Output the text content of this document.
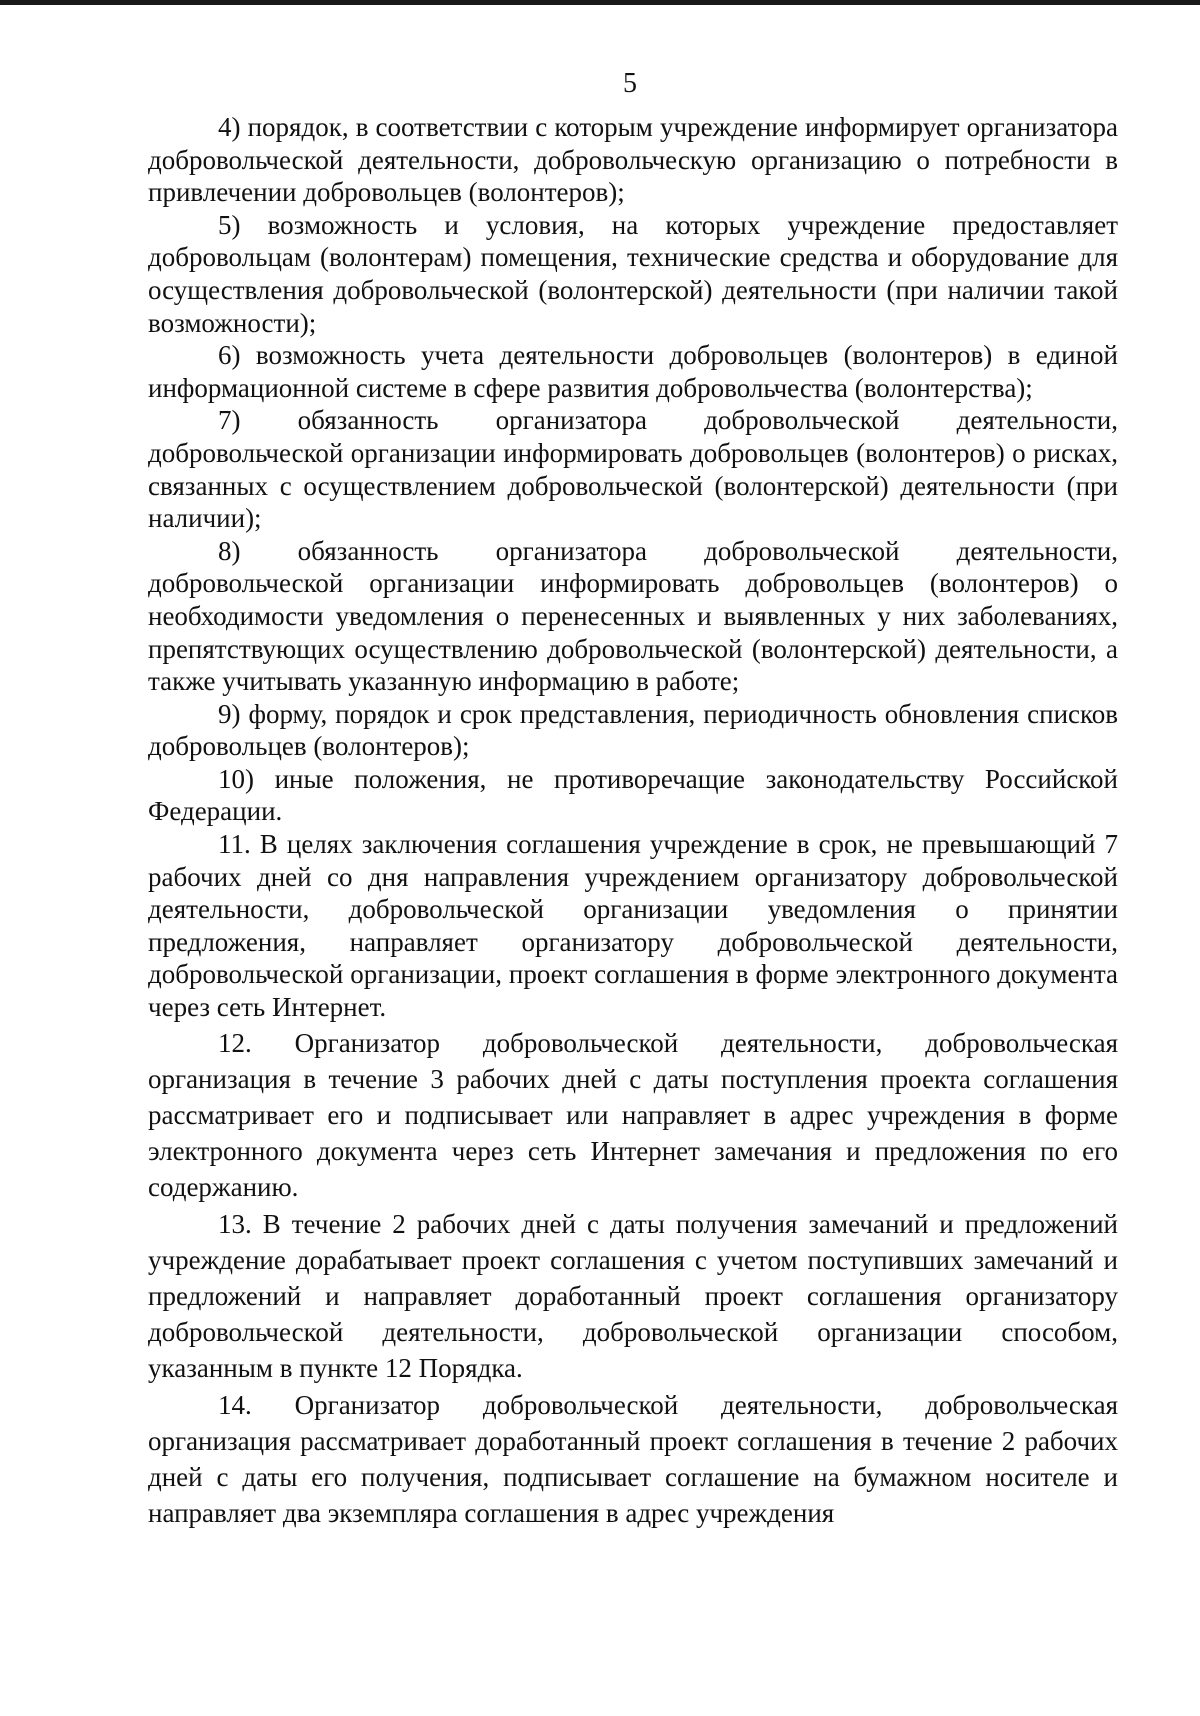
5

4) порядок, в соответствии с которым учреждение информирует организатора добровольческой деятельности, добровольческую организацию о потребности в привлечении добровольцев (волонтеров);

5) возможность и условия, на которых учреждение предоставляет добровольцам (волонтерам) помещения, технические средства и оборудование для осуществления добровольческой (волонтерской) деятельности (при наличии такой возможности);

6) возможность учета деятельности добровольцев (волонтеров) в единой информационной системе в сфере развития добровольчества (волонтерства);

7) обязанность организатора добровольческой деятельности, добровольческой организации информировать добровольцев (волонтеров) о рисках, связанных с осуществлением добровольческой (волонтерской) деятельности (при наличии);

8) обязанность организатора добровольческой деятельности, добровольческой организации информировать добровольцев (волонтеров) о необходимости уведомления о перенесенных и выявленных у них заболеваниях, препятствующих осуществлению добровольческой (волонтерской) деятельности, а также учитывать указанную информацию в работе;

9) форму, порядок и срок представления, периодичность обновления списков добровольцев (волонтеров);

10) иные положения, не противоречащие законодательству Российской Федерации.

11. В целях заключения соглашения учреждение в срок, не превышающий 7 рабочих дней со дня направления учреждением организатору добровольческой деятельности, добровольческой организации уведомления о принятии предложения, направляет организатору добровольческой деятельности, добровольческой организации, проект соглашения в форме электронного документа через сеть Интернет.

12. Организатор добровольческой деятельности, добровольческая организация в течение 3 рабочих дней с даты поступления проекта соглашения рассматривает его и подписывает или направляет в адрес учреждения в форме электронного документа через сеть Интернет замечания и предложения по его содержанию.

13. В течение 2 рабочих дней с даты получения замечаний и предложений учреждение дорабатывает проект соглашения с учетом поступивших замечаний и предложений и направляет доработанный проект соглашения организатору добровольческой деятельности, добровольческой организации способом, указанным в пункте 12 Порядка.

14. Организатор добровольческой деятельности, добровольческая организация рассматривает доработанный проект соглашения в течение 2 рабочих дней с даты его получения, подписывает соглашение на бумажном носителе и направляет два экземпляра соглашения в адрес учреждения
